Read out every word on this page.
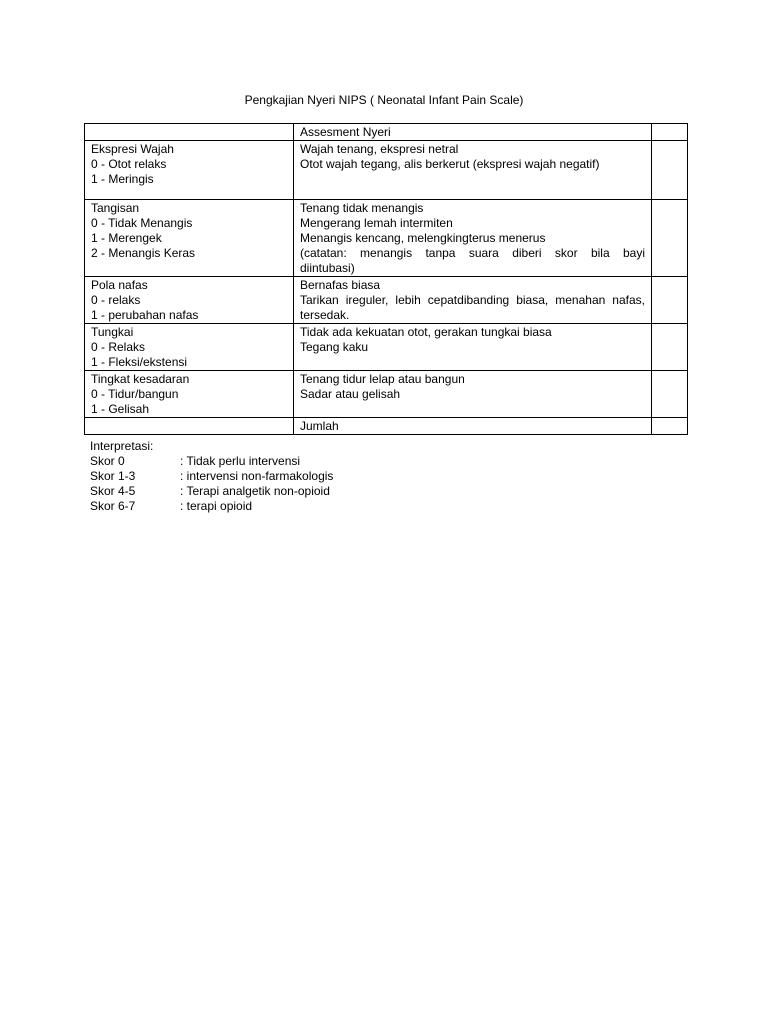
Pengkajian Nyeri NIPS ( Neonatal Infant Pain Scale)

	Assesment Nyeri	

Ekspresi Wajah
0 - Otot relaks
1 - Meringis	Wajah tenang, ekspresi netral
Otot wajah tegang, alis berkerut (ekspresi wajah negatif)	

Tangisan
0 - Tidak Menangis
1 - Merengek
2 - Menangis Keras	Tenang tidak menangis
Mengerang lemah intermiten
Menangis kencang, melengkingterus menerus
(catatan: menangis tanpa suara diberi skor bila bayi
diintubasi)	

Pola nafas
0 - relaks
1 - perubahan nafas	Bernafas biasa
Tarikan ireguler, lebih cepatdibanding biasa, menahan nafas,
tersedak.	

Tungkai
0 - Relaks
1 - Fleksi/ekstensi	Tidak ada kekuatan otot, gerakan tungkai biasa
Tegang kaku	

Tingkat kesadaran
0 - Tidur/bangun
1 - Gelisah	Tenang tidur lelap atau bangun
Sadar atau gelisah	

	Jumlah	

Interpretasi:
Skor 0	: Tidak perlu intervensi
Skor 1-3	: intervensi non-farmakologis
Skor 4-5	: Terapi analgetik non-opioid
Skor 6-7	: terapi opioid
